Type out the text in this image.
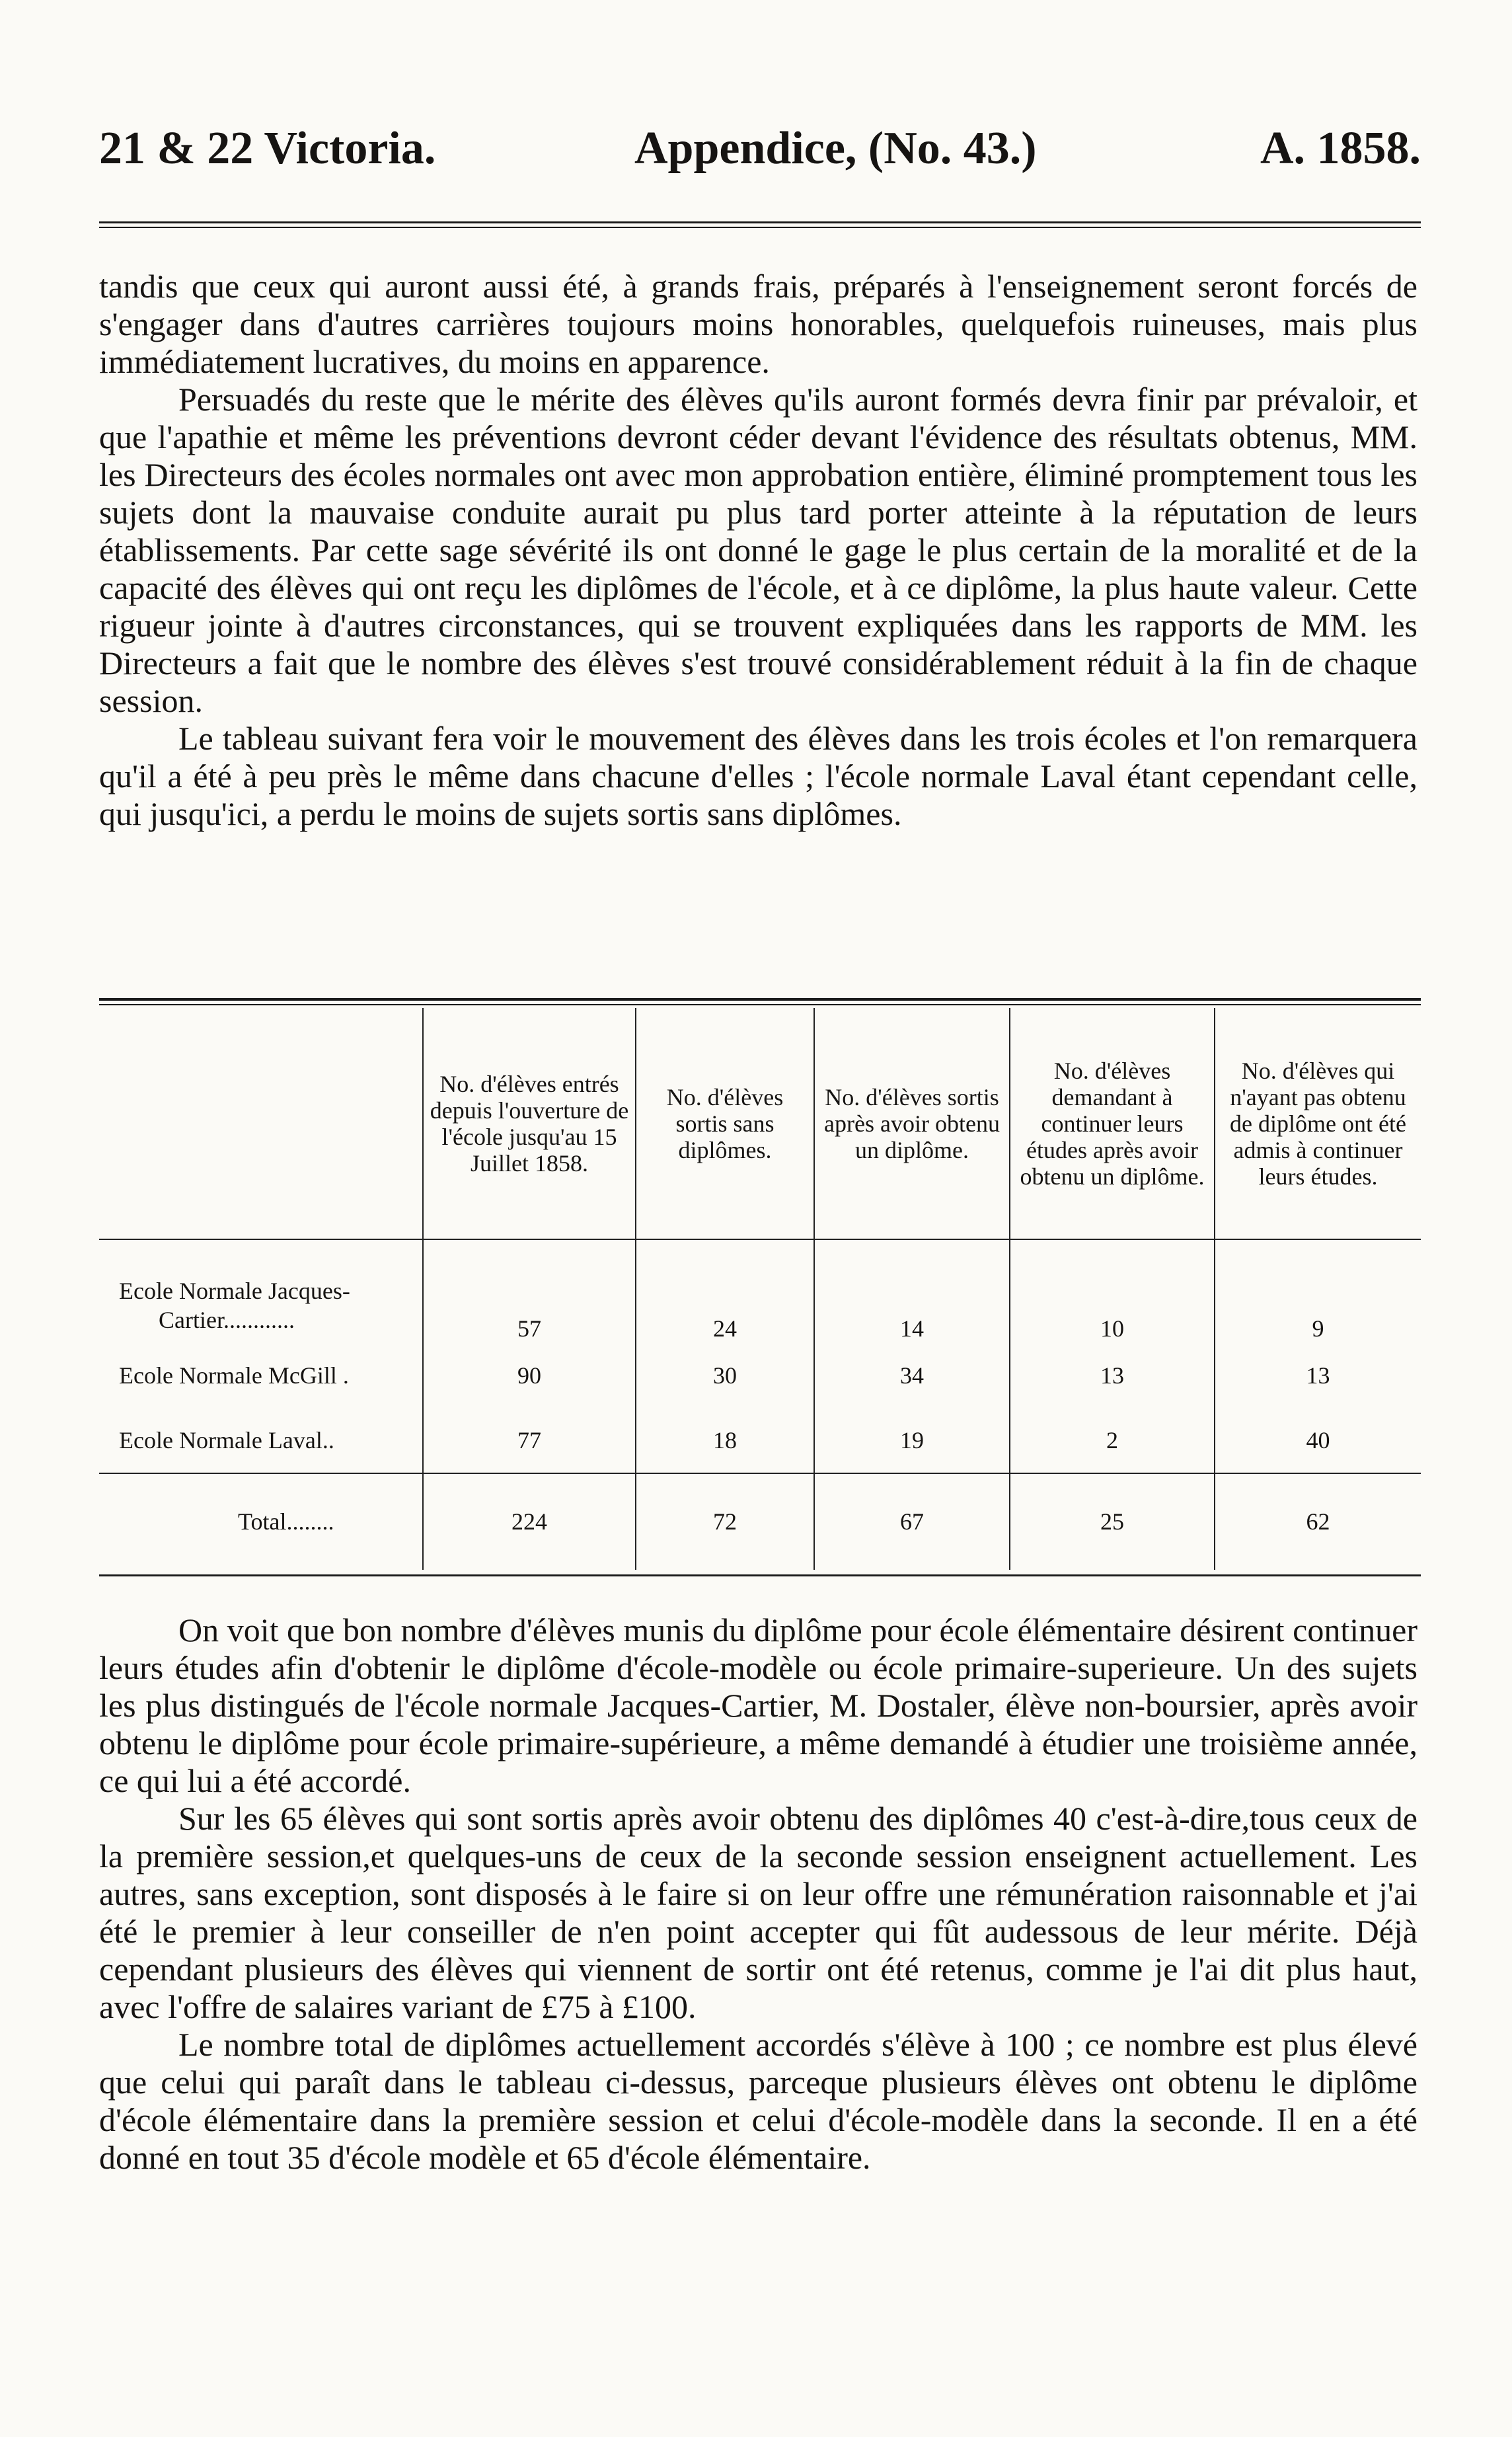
21 & 22 Victoria.	Appendice, (No. 43.)	A. 1858.

tandis que ceux qui auront aussi été, à grands frais, préparés à l'enseignement seront forcés de s'engager dans d'autres carrières toujours moins honorables, quelquefois ruineuses, mais plus immédiatement lucratives, du moins en apparence.

Persuadés du reste que le mérite des élèves qu'ils auront formés devra finir par prévaloir, et que l'apathie et même les préventions devront céder devant l'évidence des résultats obtenus, MM. les Directeurs des écoles normales ont avec mon approbation entière, éliminé promptement tous les sujets dont la mauvaise conduite aurait pu plus tard porter atteinte à la réputation de leurs établissements. Par cette sage sévérité ils ont donné le gage le plus certain de la moralité et de la capacité des élèves qui ont reçu les diplômes de l'école, et à ce diplôme, la plus haute valeur. Cette rigueur jointe à d'autres circonstances, qui se trouvent expliquées dans les rapports de MM. les Directeurs a fait que le nombre des élèves s'est trouvé considérablement réduit à la fin de chaque session.

Le tableau suivant fera voir le mouvement des élèves dans les trois écoles et l'on remarquera qu'il a été à peu près le même dans chacune d'elles ; l'école normale Laval étant cependant celle, qui jusqu'ici, a perdu le moins de sujets sortis sans diplômes.

	No. d'élèves entrés depuis l'ouverture de l'école jusqu'au 15 Juillet 1858.	No. d'élèves sortis sans diplômes.	No. d'élèves sortis après avoir obtenu un diplôme.	No. d'élèves demandant à continuer leurs études après avoir obtenu un diplôme.	No. d'élèves qui n'ayant pas obtenu de diplôme ont été admis à continuer leurs études.

Ecole Normale Jacques-
Cartier............	57	24	14	10	9
Ecole Normale McGill .	90	30	34	13	13
Ecole Normale Laval..	77	18	19	2	40
Total........	224	72	67	25	62

On voit que bon nombre d'élèves munis du diplôme pour école élémentaire désirent continuer leurs études afin d'obtenir le diplôme d'école-modèle ou école primaire-superieure. Un des sujets les plus distingués de l'école normale Jacques-Cartier, M. Dostaler, élève non-boursier, après avoir obtenu le diplôme pour école primaire-supérieure, a même demandé à étudier une troisième année, ce qui lui a été accordé.

Sur les 65 élèves qui sont sortis après avoir obtenu des diplômes 40 c'est-à-dire,tous ceux de la première session,et quelques-uns de ceux de la seconde session enseignent actuellement. Les autres, sans exception, sont disposés à le faire si on leur offre une rémunération raisonnable et j'ai été le premier à leur conseiller de n'en point accepter qui fût audessous de leur mérite. Déjà cependant plusieurs des élèves qui viennent de sortir ont été retenus, comme je l'ai dit plus haut, avec l'offre de salaires variant de £75 à £100.

Le nombre total de diplômes actuellement accordés s'élève à 100 ; ce nombre est plus élevé que celui qui paraît dans le tableau ci-dessus, parceque plusieurs élèves ont obtenu le diplôme d'école élémentaire dans la première session et celui d'école-modèle dans la seconde. Il en a été donné en tout 35 d'école modèle et 65 d'école élémentaire.
